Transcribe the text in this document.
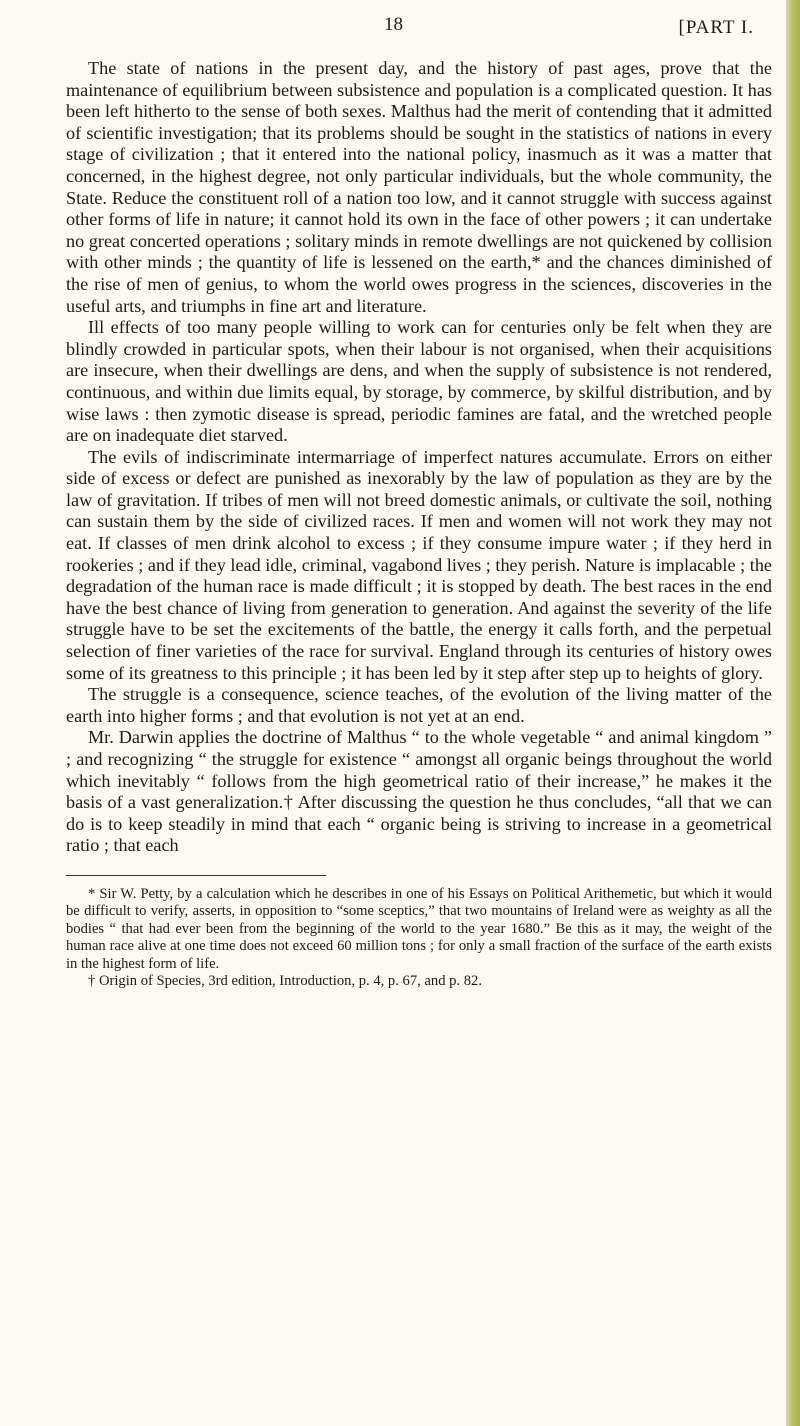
18	[PART I.

The state of nations in the present day, and the history of past ages, prove that the maintenance of equilibrium between subsistence and population is a complicated question. It has been left hitherto to the sense of both sexes. Malthus had the merit of contending that it admitted of scientific investigation; that its problems should be sought in the statistics of nations in every stage of civilization ; that it entered into the national policy, inasmuch as it was a matter that concerned, in the highest degree, not only particular individuals, but the whole community, the State. Reduce the constituent roll of a nation too low, and it cannot struggle with success against other forms of life in nature; it cannot hold its own in the face of other powers ; it can undertake no great concerted operations ; solitary minds in remote dwellings are not quickened by collision with other minds ; the quantity of life is lessened on the earth,* and the chances diminished of the rise of men of genius, to whom the world owes progress in the sciences, discoveries in the useful arts, and triumphs in fine art and literature.

Ill effects of too many people willing to work can for centuries only be felt when they are blindly crowded in particular spots, when their labour is not organised, when their acquisitions are insecure, when their dwellings are dens, and when the supply of subsistence is not rendered, continuous, and within due limits equal, by storage, by commerce, by skilful distribution, and by wise laws : then zymotic disease is spread, periodic famines are fatal, and the wretched people are on inadequate diet starved.

The evils of indiscriminate intermarriage of imperfect natures accumulate. Errors on either side of excess or defect are punished as inexorably by the law of population as they are by the law of gravitation. If tribes of men will not breed domestic animals, or cultivate the soil, nothing can sustain them by the side of civilized races. If men and women will not work they may not eat. If classes of men drink alcohol to excess ; if they consume impure water ; if they herd in rookeries ; and if they lead idle, criminal, vagabond lives ; they perish. Nature is implacable ; the degradation of the human race is made difficult ; it is stopped by death. The best races in the end have the best chance of living from generation to generation. And against the severity of the life struggle have to be set the excitements of the battle, the energy it calls forth, and the perpetual selection of finer varieties of the race for survival. England through its centuries of history owes some of its greatness to this principle ; it has been led by it step after step up to heights of glory.

The struggle is a consequence, science teaches, of the evolution of the living matter of the earth into higher forms ; and that evolution is not yet at an end.

Mr. Darwin applies the doctrine of Malthus “ to the whole vegetable “ and animal kingdom ” ; and recognizing “ the struggle for existence “ amongst all organic beings throughout the world which inevitably “ follows from the high geometrical ratio of their increase,” he makes it the basis of a vast generalization.† After discussing the question he thus concludes, “all that we can do is to keep steadily in mind that each “ organic being is striving to increase in a geometrical ratio ; that each

* Sir W. Petty, by a calculation which he describes in one of his Essays on Political Arithemetic, but which it would be difficult to verify, asserts, in opposition to “some sceptics,” that two mountains of Ireland were as weighty as all the bodies “ that had ever been from the beginning of the world to the year 1680.” Be this as it may, the weight of the human race alive at one time does not exceed 60 million tons ; for only a small fraction of the surface of the earth exists in the highest form of life.

† Origin of Species, 3rd edition, Introduction, p. 4, p. 67, and p. 82.
